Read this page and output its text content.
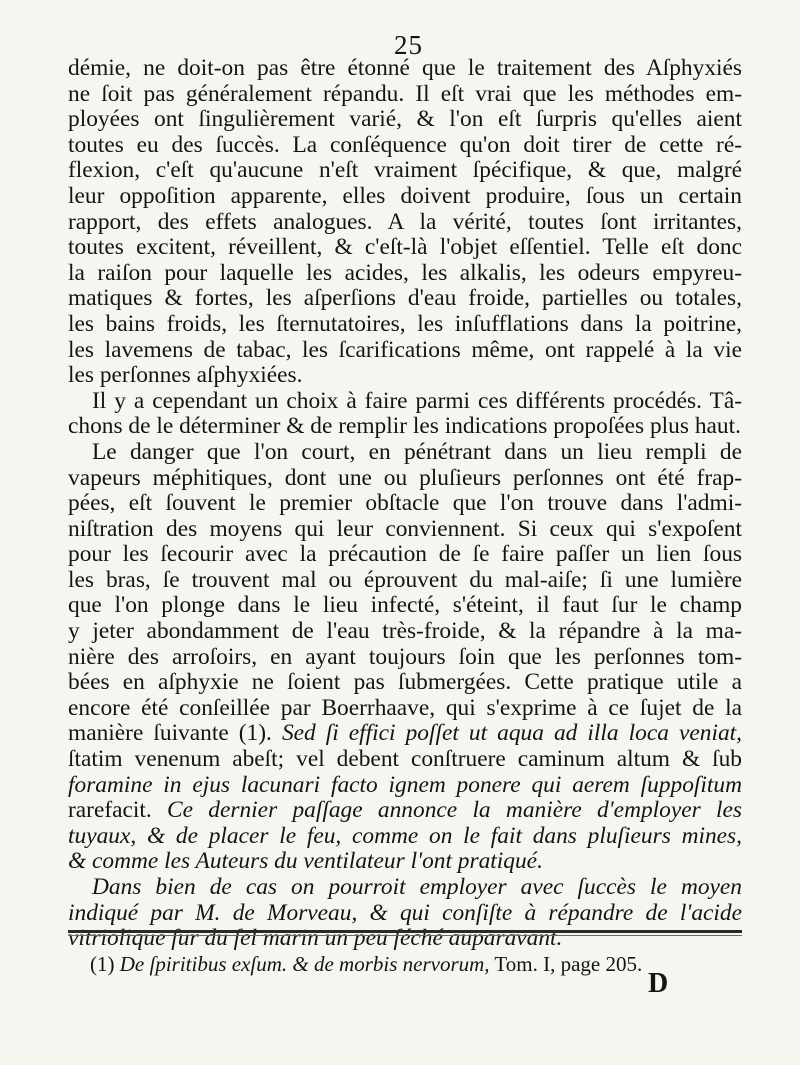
25
démie, ne doit-on pas être étonné que le traitement des Aſphyxiés
ne ſoit pas généralement répandu. Il eſt vrai que les méthodes em-
ployées ont ſingulièrement varié, & l'on eſt ſurpris qu'elles aient
toutes eu des ſuccès. La conſéquence qu'on doit tirer de cette ré-
flexion, c'eſt qu'aucune n'eſt vraiment ſpécifique, & que, malgré
leur oppoſition apparente, elles doivent produire, ſous un certain
rapport, des effets analogues. A la vérité, toutes ſont irritantes,
toutes excitent, réveillent, & c'eſt-là l'objet eſſentiel. Telle eſt donc
la raiſon pour laquelle les acides, les alkalis, les odeurs empyreu-
matiques & fortes, les aſperſions d'eau froide, partielles ou totales,
les bains froids, les ſternutatoires, les inſufflations dans la poitrine,
les lavemens de tabac, les ſcarifications même, ont rappelé à la vie
les perſonnes aſphyxiées.
Il y a cependant un choix à faire parmi ces différents procédés. Tâ-
chons de le déterminer & de remplir les indications propoſées plus haut.
Le danger que l'on court, en pénétrant dans un lieu rempli de
vapeurs méphitiques, dont une ou pluſieurs perſonnes ont été frap-
pées, eſt ſouvent le premier obſtacle que l'on trouve dans l'admi-
niſtration des moyens qui leur conviennent. Si ceux qui s'expoſent
pour les ſecourir avec la précaution de ſe faire paſſer un lien ſous
les bras, ſe trouvent mal ou éprouvent du mal-aiſe; ſi une lumière
que l'on plonge dans le lieu infecté, s'éteint, il faut ſur le champ
y jeter abondamment de l'eau très-froide, & la répandre à la ma-
nière des arroſoirs, en ayant toujours ſoin que les perſonnes tom-
bées en aſphyxie ne ſoient pas ſubmergées. Cette pratique utile a
encore été conſeillée par Boerrhaave, qui s'exprime à ce ſujet de la
manière ſuivante (1). Sed ſi effici poſſet ut aqua ad illa loca veniat,
ſtatim venenum abeſt; vel debent conſtruere caminum altum & ſub
foramine in ejus lacunari facto ignem ponere qui aerem ſuppoſitum
rarefacit. Ce dernier paſſage annonce la manière d'employer les
tuyaux, & de placer le feu, comme on le fait dans pluſieurs mines,
& comme les Auteurs du ventilateur l'ont pratiqué.
Dans bien de cas on pourroit employer avec ſuccès le moyen
indiqué par M. de Morveau, & qui conſiſte à répandre de l'acide
vitriolique ſur du ſel marin un peu ſéché auparavant.
(1) De ſpiritibus exſum. & de morbis nervorum, Tom. I, page 205.
D
